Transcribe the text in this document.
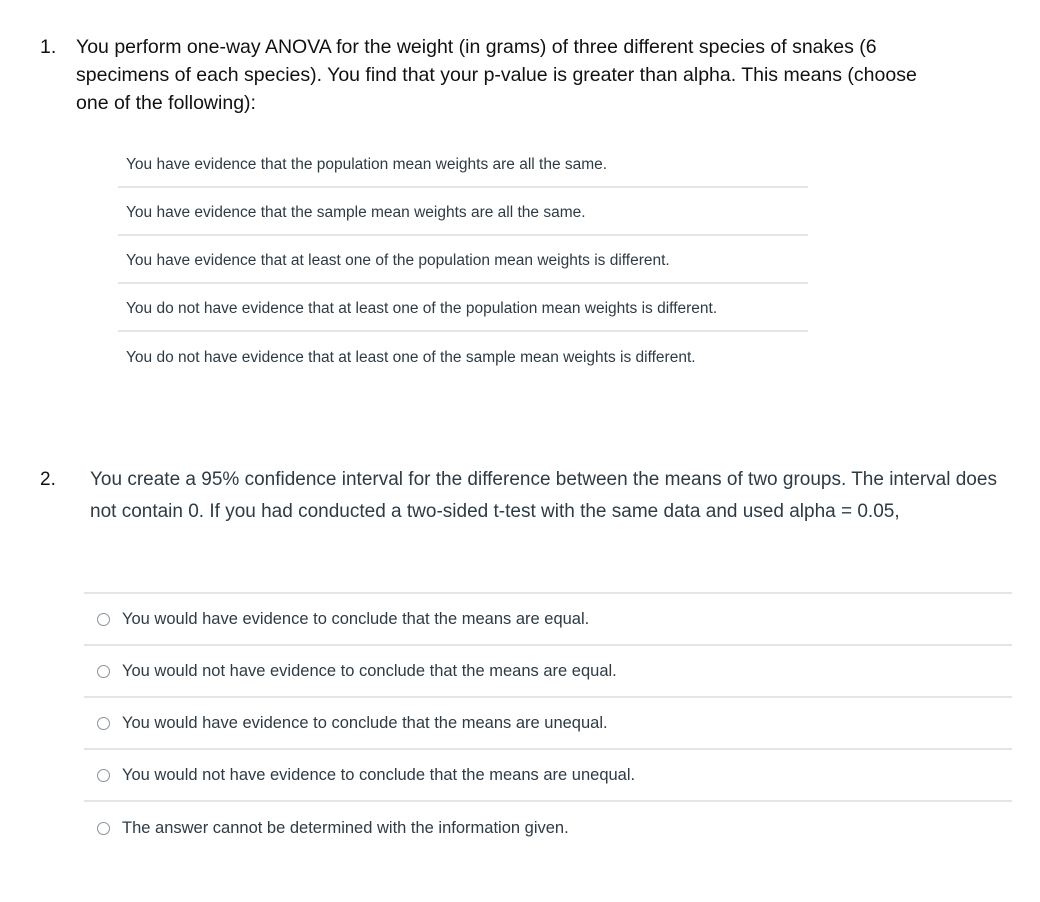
1.	You perform one-way ANOVA for the weight (in grams) of three different species of snakes (6 specimens of each species). You find that your p-value is greater than alpha. This means (choose one of the following):
You have evidence that the population mean weights are all the same.
You have evidence that the sample mean weights are all the same.
You have evidence that at least one of the population mean weights is different.
You do not have evidence that at least one of the population mean weights is different.
You do not have evidence that at least one of the sample mean weights is different.
2.	You create a 95% confidence interval for the difference between the means of two groups. The interval does not contain 0. If you had conducted a two-sided t-test with the same data and used alpha = 0.05,
You would have evidence to conclude that the means are equal.
You would not have evidence to conclude that the means are equal.
You would have evidence to conclude that the means are unequal.
You would not have evidence to conclude that the means are unequal.
The answer cannot be determined with the information given.
